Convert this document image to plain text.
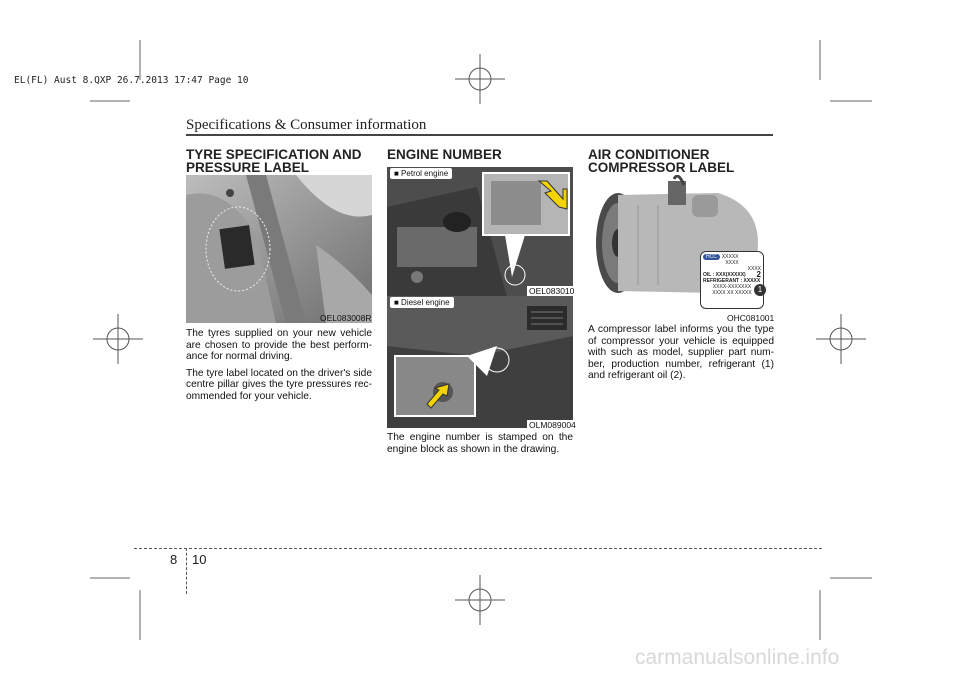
EL(FL) Aust 8.QXP 26.7.2013 17:47 Page 10
Specifications & Consumer information
TYRE SPECIFICATION AND
PRESSURE LABEL
OEL083008R

The tyres supplied on your new vehicle are chosen to provide the best perform- ance for normal driving.

The tyre label located on the driver's side centre pillar gives the tyre pressures rec- ommended for your vehicle.

ENGINE NUMBER
■ Petrol engine
OEL083010
■ Diesel engine
OLM089004

The engine number is stamped on the engine block as shown in the drawing.

AIR CONDITIONER
COMPRESSOR LABEL
HCC	XXXXX
XXXX
XXXX
OIL : XXX(XXXXX) 2
REFRIGERANT : XXXXX
XXXX-XXXXXXX
XXXX XX XXXXX 1
OHC081001

A compressor label informs you the type of compressor your vehicle is equipped with such as model, supplier part num- ber, production number, refrigerant (1) and refrigerant oil (2).

8 10
carmanualsonline.info
